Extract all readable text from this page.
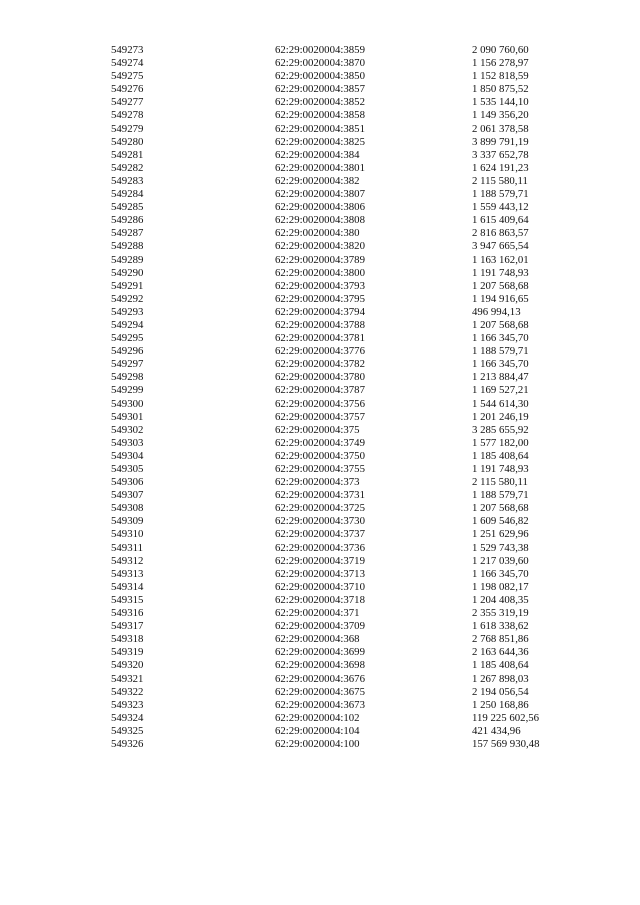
549273	62:29:0020004:3859	2 090 760,60
549274	62:29:0020004:3870	1 156 278,97
549275	62:29:0020004:3850	1 152 818,59
549276	62:29:0020004:3857	1 850 875,52
549277	62:29:0020004:3852	1 535 144,10
549278	62:29:0020004:3858	1 149 356,20
549279	62:29:0020004:3851	2 061 378,58
549280	62:29:0020004:3825	3 899 791,19
549281	62:29:0020004:384	3 337 652,78
549282	62:29:0020004:3801	1 624 191,23
549283	62:29:0020004:382	2 115 580,11
549284	62:29:0020004:3807	1 188 579,71
549285	62:29:0020004:3806	1 559 443,12
549286	62:29:0020004:3808	1 615 409,64
549287	62:29:0020004:380	2 816 863,57
549288	62:29:0020004:3820	3 947 665,54
549289	62:29:0020004:3789	1 163 162,01
549290	62:29:0020004:3800	1 191 748,93
549291	62:29:0020004:3793	1 207 568,68
549292	62:29:0020004:3795	1 194 916,65
549293	62:29:0020004:3794	496 994,13
549294	62:29:0020004:3788	1 207 568,68
549295	62:29:0020004:3781	1 166 345,70
549296	62:29:0020004:3776	1 188 579,71
549297	62:29:0020004:3782	1 166 345,70
549298	62:29:0020004:3780	1 213 884,47
549299	62:29:0020004:3787	1 169 527,21
549300	62:29:0020004:3756	1 544 614,30
549301	62:29:0020004:3757	1 201 246,19
549302	62:29:0020004:375	3 285 655,92
549303	62:29:0020004:3749	1 577 182,00
549304	62:29:0020004:3750	1 185 408,64
549305	62:29:0020004:3755	1 191 748,93
549306	62:29:0020004:373	2 115 580,11
549307	62:29:0020004:3731	1 188 579,71
549308	62:29:0020004:3725	1 207 568,68
549309	62:29:0020004:3730	1 609 546,82
549310	62:29:0020004:3737	1 251 629,96
549311	62:29:0020004:3736	1 529 743,38
549312	62:29:0020004:3719	1 217 039,60
549313	62:29:0020004:3713	1 166 345,70
549314	62:29:0020004:3710	1 198 082,17
549315	62:29:0020004:3718	1 204 408,35
549316	62:29:0020004:371	2 355 319,19
549317	62:29:0020004:3709	1 618 338,62
549318	62:29:0020004:368	2 768 851,86
549319	62:29:0020004:3699	2 163 644,36
549320	62:29:0020004:3698	1 185 408,64
549321	62:29:0020004:3676	1 267 898,03
549322	62:29:0020004:3675	2 194 056,54
549323	62:29:0020004:3673	1 250 168,86
549324	62:29:0020004:102	119 225 602,56
549325	62:29:0020004:104	421 434,96
549326	62:29:0020004:100	157 569 930,48
